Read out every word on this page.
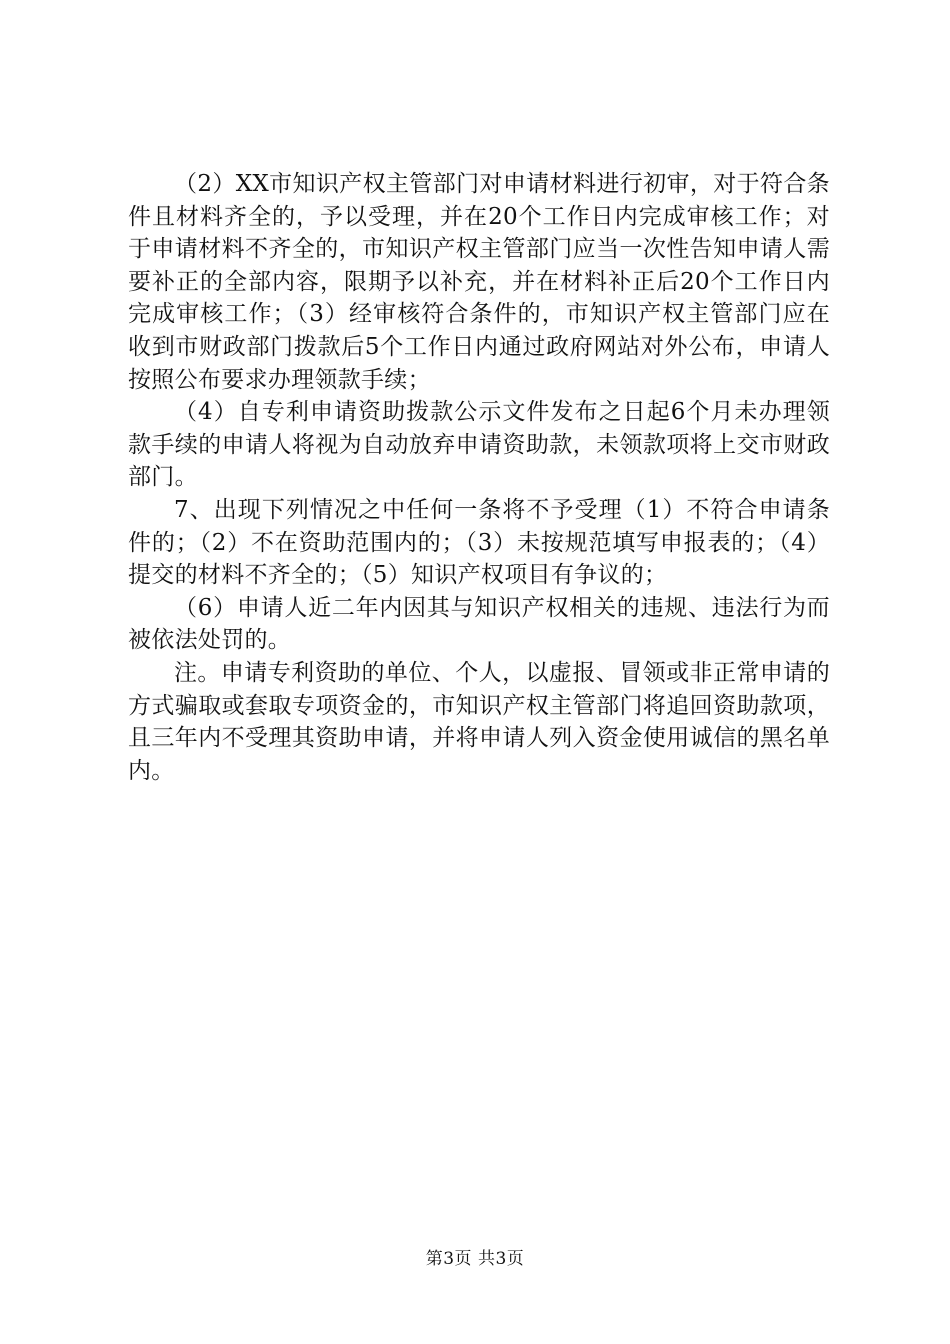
（2）XX市知识产权主管部门对申请材料进行初审，对于符合条件且材料齐全的，予以受理，并在20个工作日内完成审核工作；对于申请材料不齐全的，市知识产权主管部门应当一次性告知申请人需要补正的全部内容，限期予以补充，并在材料补正后20个工作日内完成审核工作；（3）经审核符合条件的，市知识产权主管部门应在收到市财政部门拨款后5个工作日内通过政府网站对外公布，申请人按照公布要求办理领款手续；

（4）自专利申请资助拨款公示文件发布之日起6个月未办理领款手续的申请人将视为自动放弃申请资助款，未领款项将上交市财政部门。

7、出现下列情况之中任何一条将不予受理（1）不符合申请条件的；（2）不在资助范围内的；（3）未按规范填写申报表的；（4）提交的材料不齐全的；（5）知识产权项目有争议的；

（6）申请人近二年内因其与知识产权相关的违规、违法行为而被依法处罚的。

注。申请专利资助的单位、个人，以虚报、冒领或非正常申请的方式骗取或套取专项资金的，市知识产权主管部门将追回资助款项，且三年内不受理其资助申请，并将申请人列入资金使用诚信的黑名单内。

第3页 共3页
